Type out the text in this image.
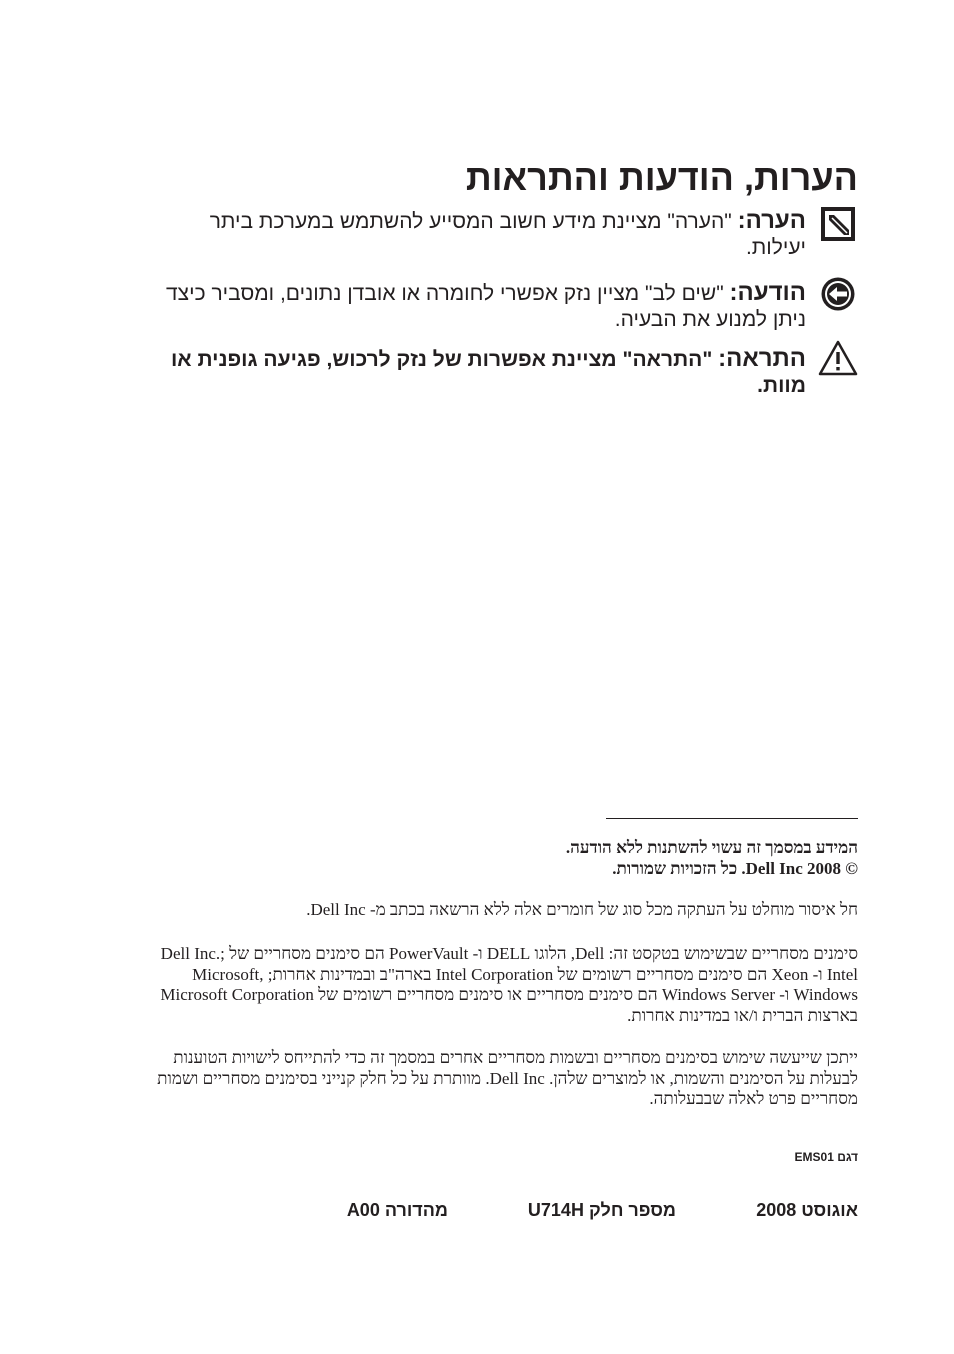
הערות, הודעות והתראות
הערה: "הערה" מציינת מידע חשוב המסייע להשתמש במערכת ביתר יעילות.
הודעה: "שים לב" מציין נזק אפשרי לחומרה או אובדן נתונים, ומסביר כיצד ניתן למנוע את הבעיה.
התראה: "התראה" מציינת אפשרות של נזק לרכוש, פגיעה גופנית או מוות.
המידע במסמך זה עשוי להשתנות ללא הודעה.
© 2008 Dell Inc. כל הזכויות שמורות.
חל איסור מוחלט על העתקה מכל סוג של חומרים אלה ללא הרשאה בכתב מ- Dell Inc.
סימנים מסחריים שבשימוש בטקסט זה: Dell, הלוגו DELL ו- PowerVault הם סימנים מסחריים של Dell Inc.; Intel ו- Xeon הם סימנים מסחריים רשומים של Intel Corporation בארה"ב ובמדינות אחרות; Microsoft, Windows ו- Windows Server הם סימנים מסחריים או סימנים מסחריים רשומים של Microsoft Corporation בארצות הברית ו/או במדינות אחרות.
ייתכן שייעשה שימוש בסימנים מסחריים ובשמות מסחריים אחרים במסמך זה כדי להתייחס לישויות הטוענות לבעלות על הסימנים והשמות, או למוצרים שלהן. Dell Inc. מוותרת על כל חלק קנייני בסימנים מסחריים ושמות מסחריים פרט לאלה שבבעלותה.
דגם EMS01
אוגוסט 2008
מספר חלק U714H
מהדורה A00
